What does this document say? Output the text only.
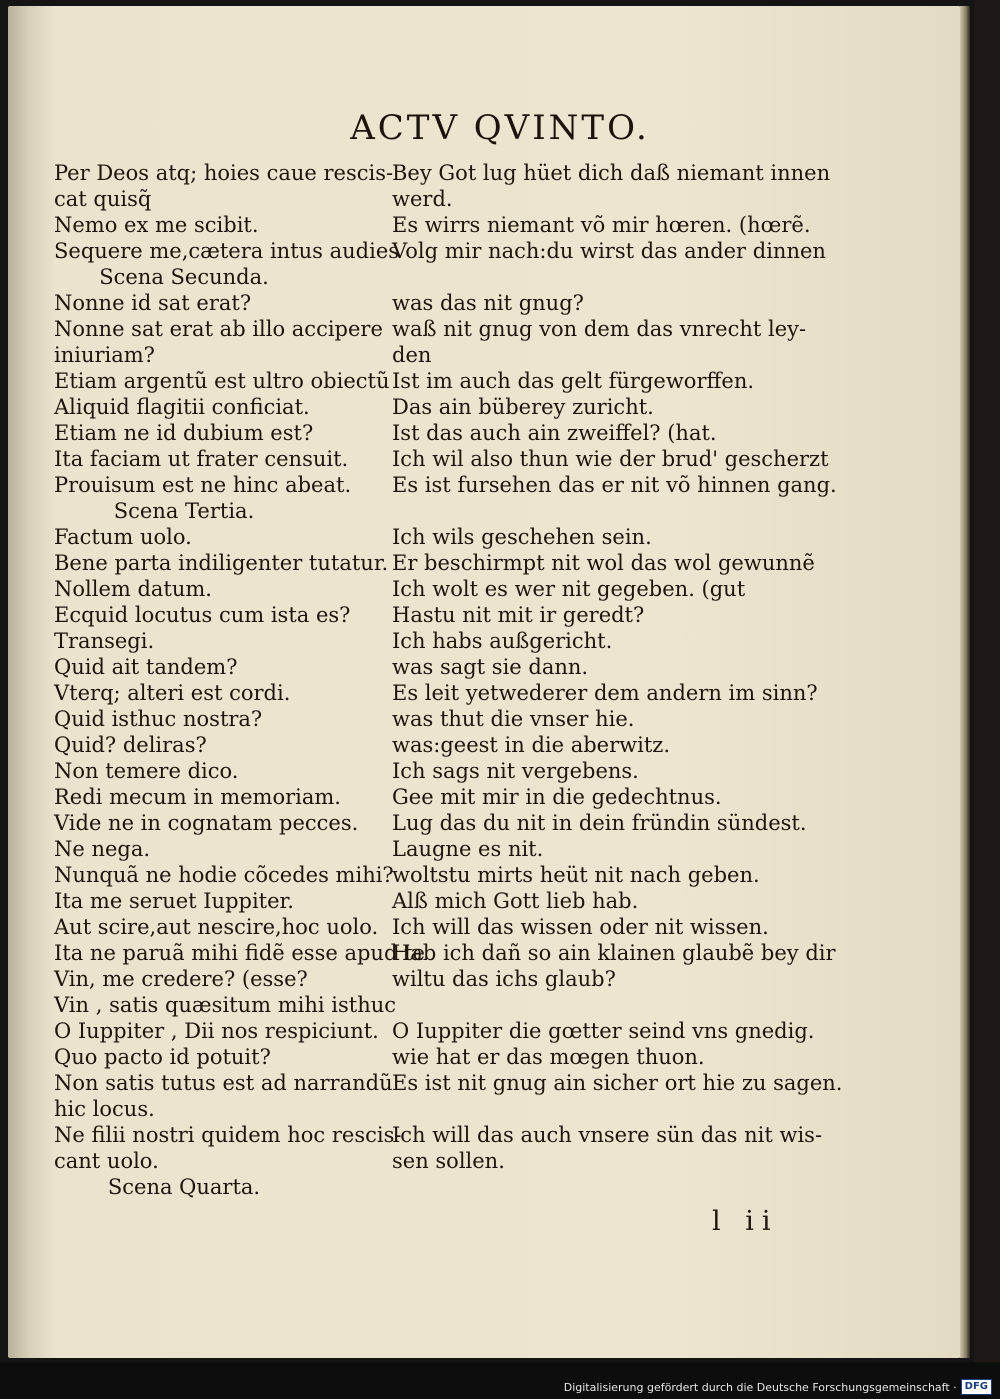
ACTV QVINTO.
Per Deos atq; hoies caue rescis-
cat quisq̃
Nemo ex me scibit.
Sequere me,cætera intus audies
Scena Secunda.
Nonne id sat erat?
Nonne sat erat ab illo accipere
iniuriam?
Etiam argentũ est ultro obiectũ
Aliquid flagitii conficiat.
Etiam ne id dubium est?
Ita faciam ut frater censuit.
Prouisum est ne hinc abeat.
Scena Tertia.
Factum uolo.
Bene parta indiligenter tutatur.
Nollem datum.
Ecquid locutus cum ista es?
Transegi.
Quid ait tandem?
Vterq; alteri est cordi.
Quid isthuc nostra?
Quid? deliras?
Non temere dico.
Redi mecum in memoriam.
Vide ne in cognatam pecces.
Ne nega.
Nunquã ne hodie cõcedes mihi?
Ita me seruet Iuppiter.
Aut scire,aut nescire,hoc uolo.
Ita ne paruã mihi fidẽ esse apud te
Vin, me credere? (esse?
Vin , satis quæsitum mihi isthuc
O Iuppiter , Dii nos respiciunt.
Quo pacto id potuit?
Non satis tutus est ad narrandũ
hic locus.
Ne filii nostri quidem hoc rescis-
cant uolo.
Scena Quarta.
Bey Got lug hüet dich daß niemant innen
werd.
Es wirrs niemant võ mir hœren. (hœrẽ.
Volg mir nach:du wirst das ander dinnen
was das nit gnug?
waß nit gnug von dem das vnrecht ley-
den
Ist im auch das gelt fürgeworffen.
Das ain büberey zuricht.
Ist das auch ain zweiffel? (hat.
Ich wil also thun wie der brud' gescherzt
Es ist fursehen das er nit võ hinnen gang.
Ich wils geschehen sein.
Er beschirmpt nit wol das wol gewunnẽ
Ich wolt es wer nit gegeben. (gut
Hastu nit mit ir geredt?
Ich habs außgericht.
was sagt sie dann.
Es leit yetwederer dem andern im sinn?
was thut die vnser hie.
was:geest in die aberwitz.
Ich sags nit vergebens.
Gee mit mir in die gedechtnus.
Lug das du nit in dein fründin sündest.
Laugne es nit.
woltstu mirts heüt nit nach geben.
Alß mich Gott lieb hab.
Ich will das wissen oder nit wissen.
Hab ich dañ so ain klainen glaubẽ bey dir
wiltu das ichs glaub?
O Iuppiter die gœtter seind vns gnedig.
wie hat er das mœgen thuon.
Es ist nit gnug ain sicher ort hie zu sagen.
Ich will das auch vnsere sün das nit wis-
sen sollen.
l ii
Digitalisierung gefördert durch die Deutsche Forschungsgemeinschaft · DFG
